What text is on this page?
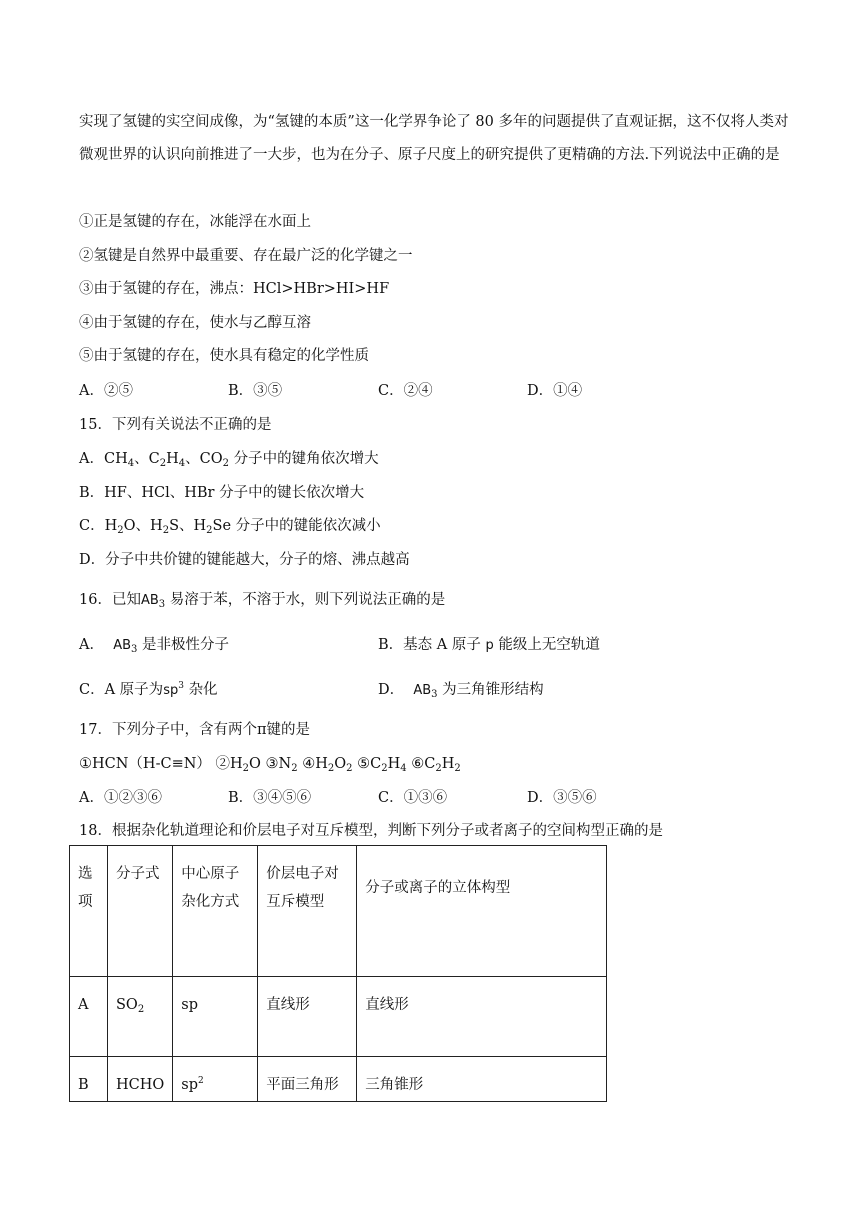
实现了氢键的实空间成像，为“氢键的本质”这一化学界争论了 80 多年的问题提供了直观证据，这不仅将人类对微观世界的认识向前推进了一大步，也为在分子、原子尺度上的研究提供了更精确的方法.下列说法中正确的是
①正是氢键的存在，冰能浮在水面上
②氢键是自然界中最重要、存在最广泛的化学键之一
③由于氢键的存在，沸点：HCl>HBr>HI>HF
④由于氢键的存在，使水与乙醇互溶
⑤由于氢键的存在，使水具有稳定的化学性质
A．②⑤	B．③⑤	C．②④	D．①④
15．下列有关说法不正确的是
A．$CH_4$、$C_2H_4$、$CO_2$ 分子中的键角依次增大
B．HF、HCl、HBr 分子中的键长依次增大
C．$H_2O$、$H_2S$、$H_2Se$ 分子中的键能依次减小
D．分子中共价键的键能越大，分子的熔、沸点越高
16．已知$AB_3$ 易溶于苯，不溶于水，则下列说法正确的是
A． $AB_3$ 是非极性分子	B．基态 A 原子 p 能级上无空轨道
C．A 原子为$sp^3$ 杂化	D． $AB_3$ 为三角锥形结构
17．下列分子中，含有两个π键的是
①HCN（H-C≡N） $②H_2O$ $③N_2$ $④H_2O_2$ $⑤C_2H_4$ $⑥C_2H_2$
A．①②③⑥	B．③④⑤⑥	C．①③⑥	D．③⑤⑥
18．根据杂化轨道理论和价层电子对互斥模型，判断下列分子或者离子的空间构型正确的是
选项	分子式	中心原子杂化方式	价层电子对互斥模型	分子或离子的立体构型
A	$SO_2$	sp	直线形	直线形
B	HCHO	$sp^2$	平面三角形	三角锥形
